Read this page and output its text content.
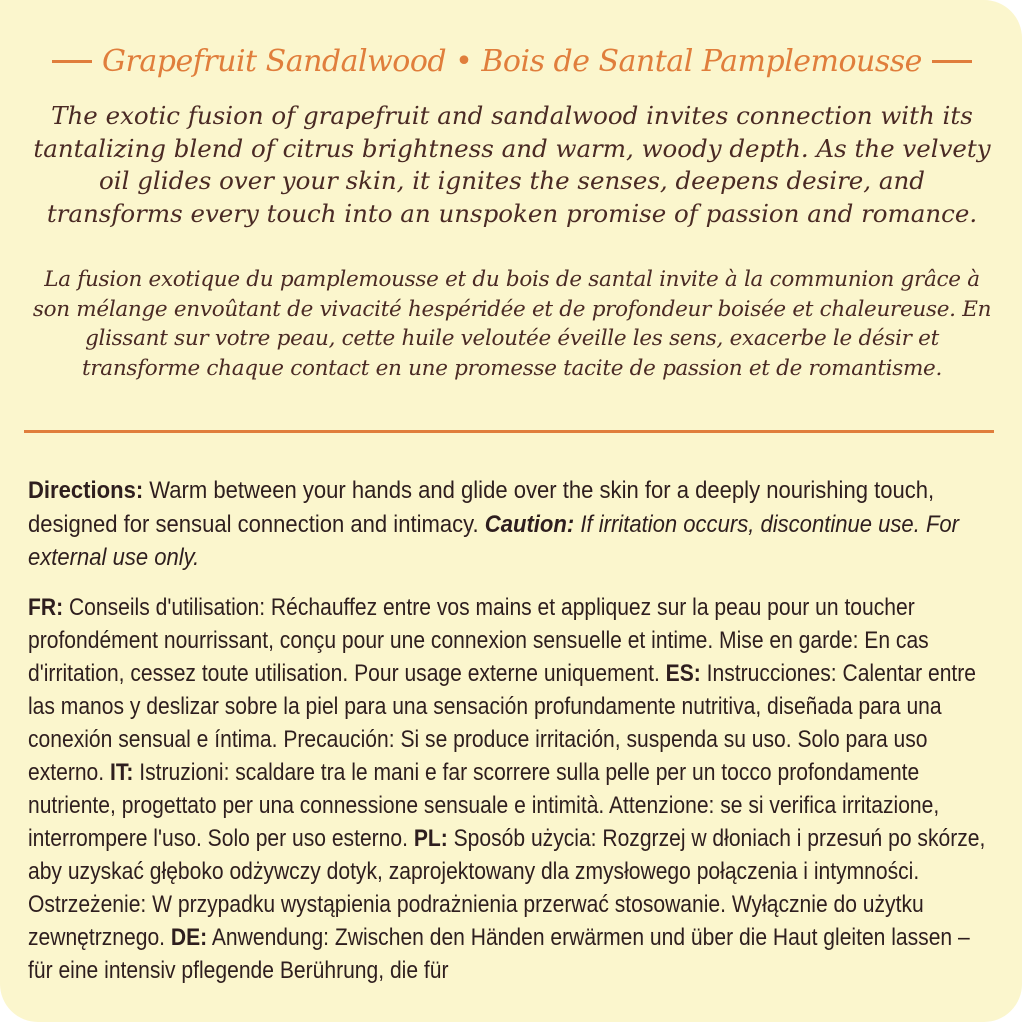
Grapefruit Sandalwood • Bois de Santal Pamplemousse

The exotic fusion of grapefruit and sandalwood invites connection with its tantalizing blend of citrus brightness and warm, woody depth. As the velvety oil glides over your skin, it ignites the senses, deepens desire, and transforms every touch into an unspoken promise of passion and romance.

La fusion exotique du pamplemousse et du bois de santal invite à la communion grâce à son mélange envoûtant de vivacité hespéridée et de profondeur boisée et chaleureuse. En glissant sur votre peau, cette huile veloutée éveille les sens, exacerbe le désir et transforme chaque contact en une promesse tacite de passion et de romantisme.

Directions: Warm between your hands and glide over the skin for a deeply nourishing touch, designed for sensual connection and intimacy. Caution: If irritation occurs, discontinue use. For external use only.

FR: Conseils d'utilisation: Réchauffez entre vos mains et appliquez sur la peau pour un toucher profondément nourrissant, conçu pour une connexion sensuelle et intime. Mise en garde: En cas d'irritation, cessez toute utilisation. Pour usage externe uniquement. ES: Instrucciones: Calentar entre las manos y deslizar sobre la piel para una sensación profundamente nutritiva, diseñada para una conexión sensual e íntima. Precaución: Si se produce irritación, suspenda su uso. Solo para uso externo. IT: Istruzioni: scaldare tra le mani e far scorrere sulla pelle per un tocco profondamente nutriente, progettato per una connessione sensuale e intimità. Attenzione: se si verifica irritazione, interrompere l'uso. Solo per uso esterno. PL: Sposób użycia: Rozgrzej w dłoniach i przesuń po skórze, aby uzyskać głęboko odżywczy dotyk, zaprojektowany dla zmysłowego połączenia i intymności. Ostrzeżenie: W przypadku wystąpienia podrażnienia przerwać stosowanie. Wyłącznie do użytku zewnętrznego. DE: Anwendung: Zwischen den Händen erwärmen und über die Haut gleiten lassen – für eine intensiv pflegende Berührung, die für
